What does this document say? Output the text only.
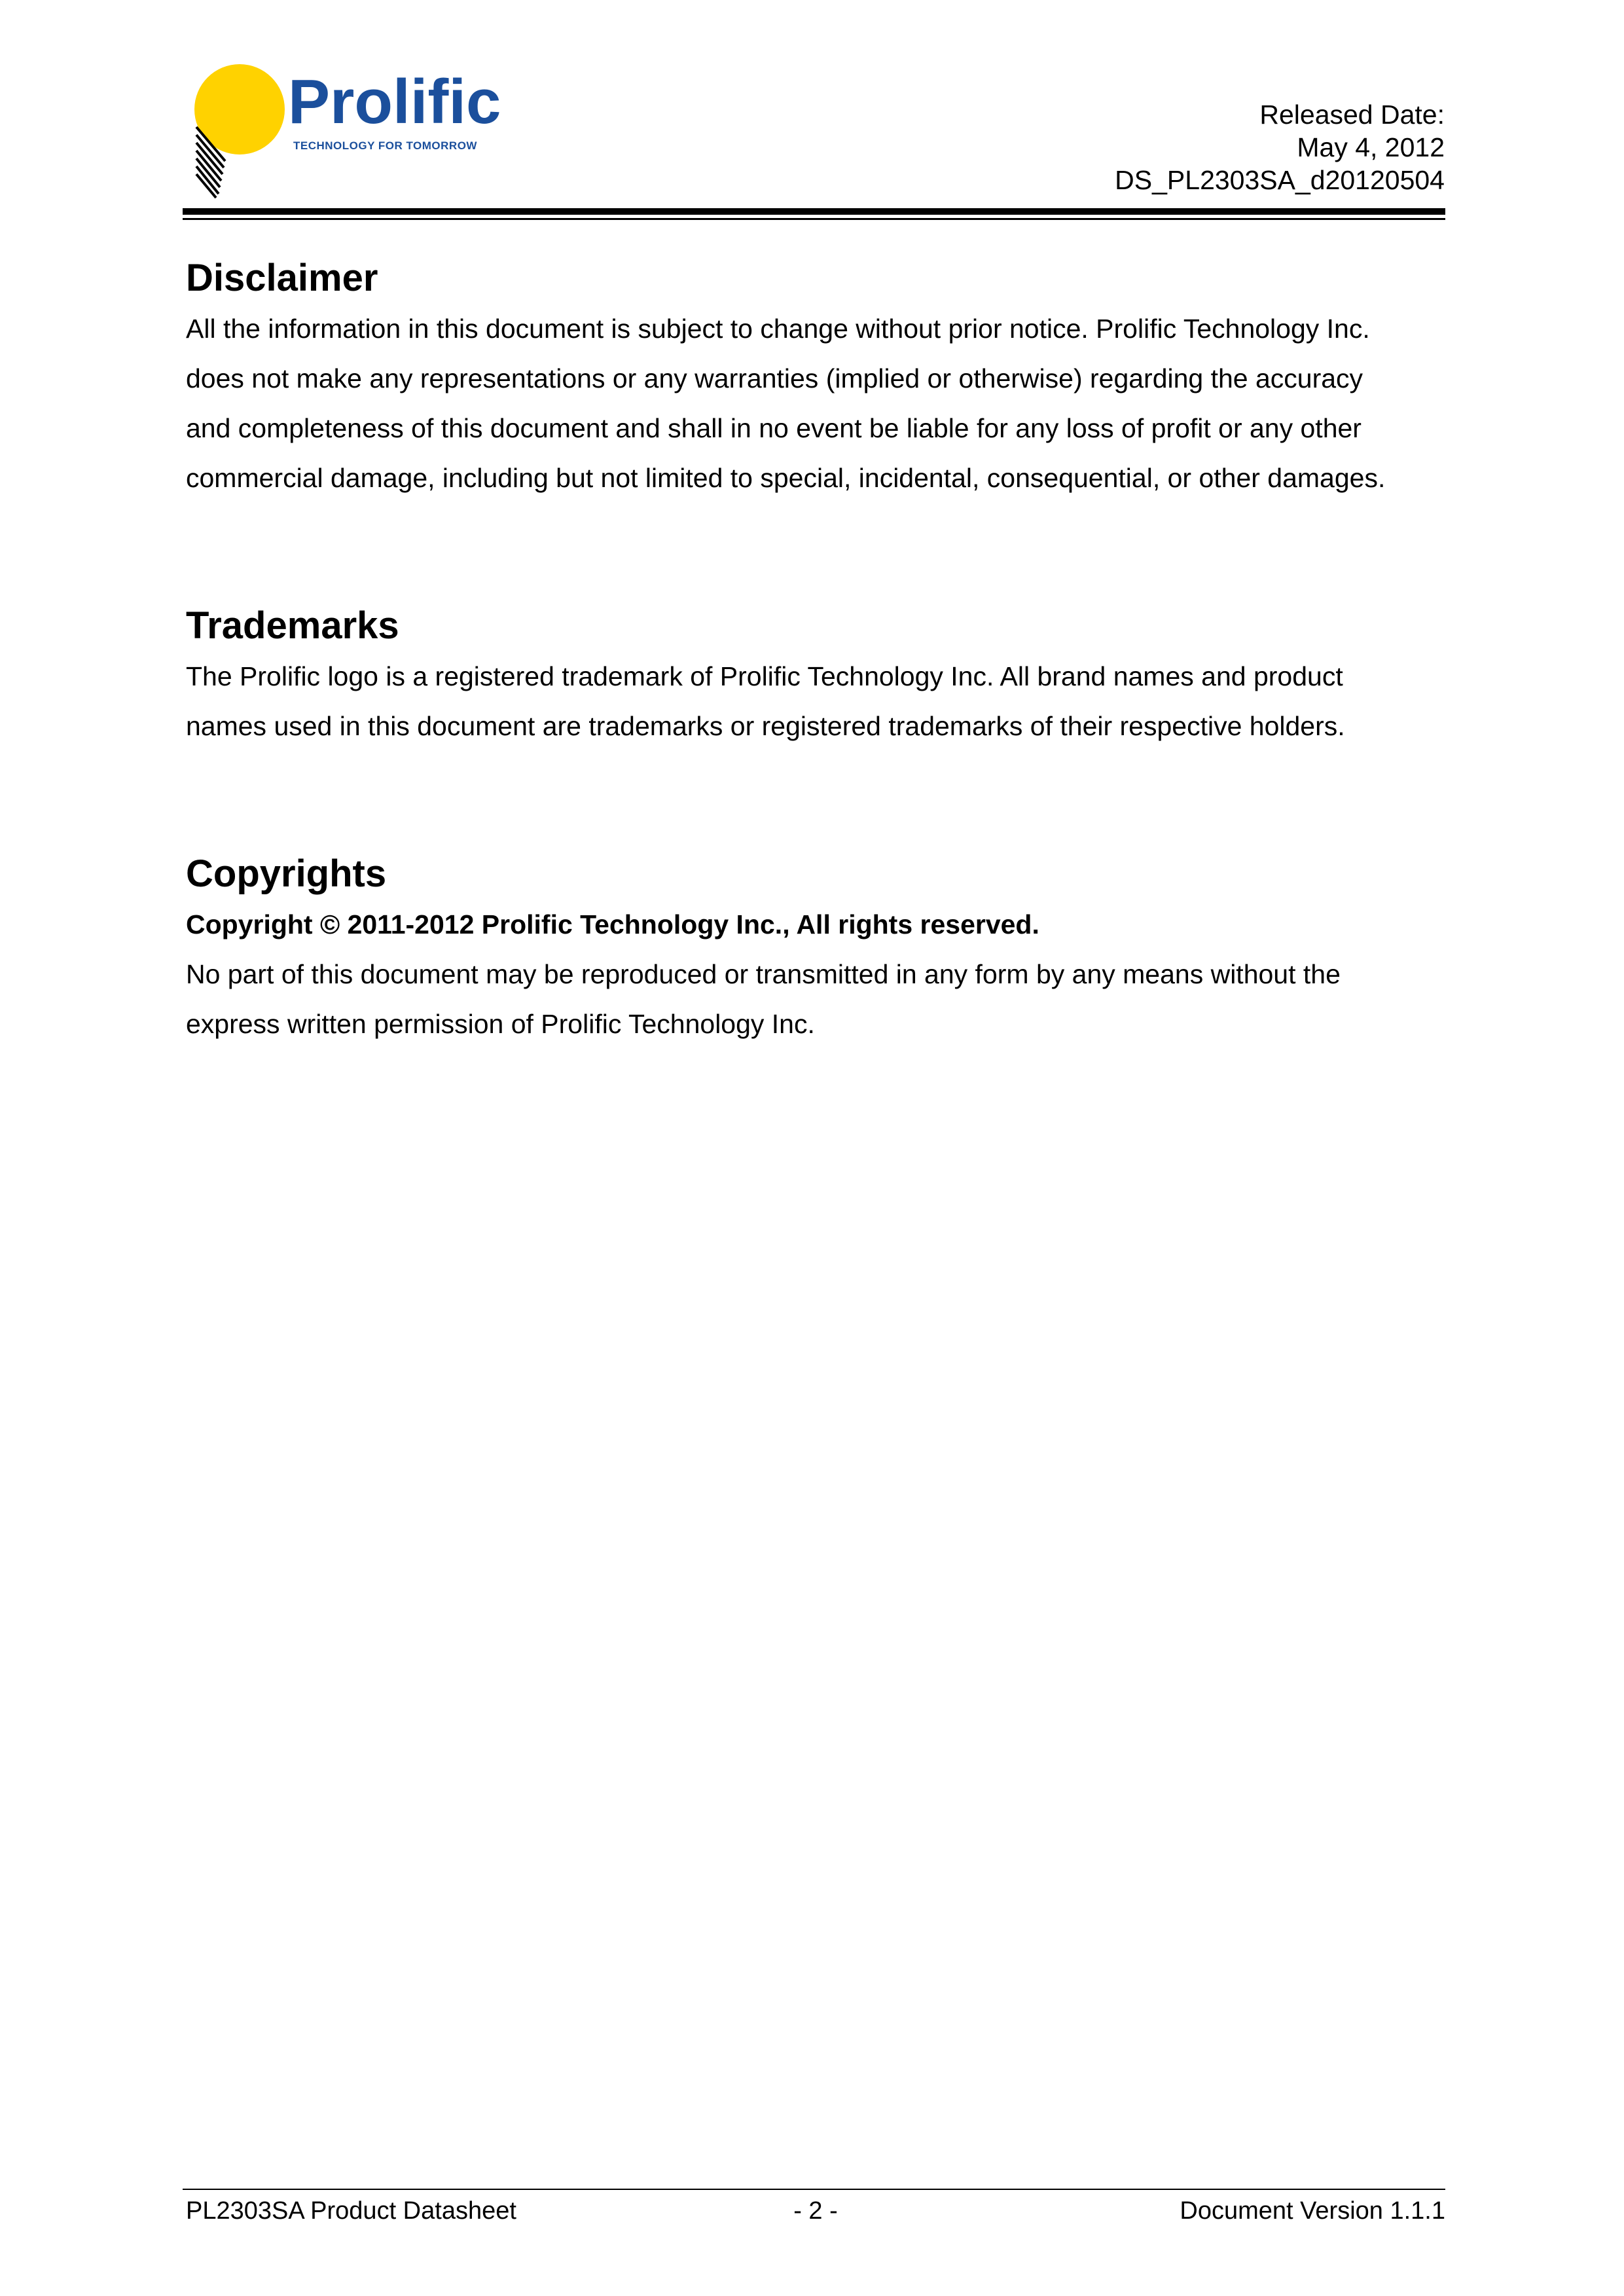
Prolific
TECHNOLOGY FOR TOMORROW
Released Date:
May 4, 2012
DS_PL2303SA_d20120504
Disclaimer

All the information in this document is subject to change without prior notice. Prolific Technology Inc.

does not make any representations or any warranties (implied or otherwise) regarding the accuracy

and completeness of this document and shall in no event be liable for any loss of profit or any other

commercial damage, including but not limited to special, incidental, consequential, or other damages.

Trademarks

The Prolific logo is a registered trademark of Prolific Technology Inc. All brand names and product

names used in this document are trademarks or registered trademarks of their respective holders.

Copyrights

Copyright © 2011-2012 Prolific Technology Inc., All rights reserved.

No part of this document may be reproduced or transmitted in any form by any means without the

express written permission of Prolific Technology Inc.

PL2303SA Product Datasheet	- 2 -	Document Version 1.1.1
